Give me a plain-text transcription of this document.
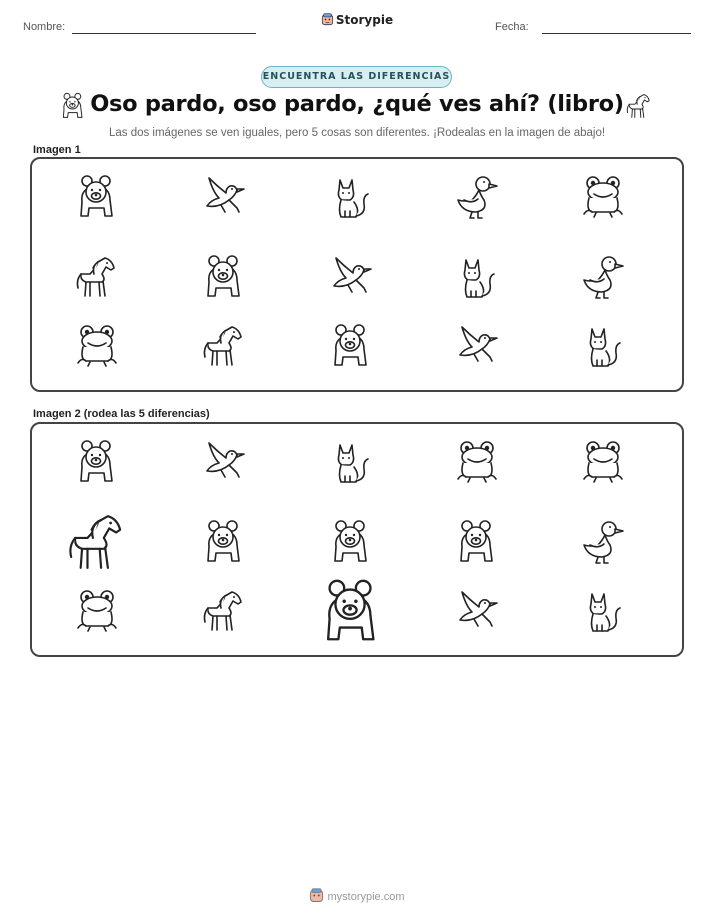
Nombre:	Storypie	Fecha:
ENCUENTRA LAS DIFERENCIAS
Oso pardo, oso pardo, ¿qué ves ahí? (libro)
Las dos imágenes se ven iguales, pero 5 cosas son diferentes. ¡Rodealas en la imagen de abajo!
Imagen 1
Imagen 2 (rodea las 5 diferencias)
mystorypie.com
